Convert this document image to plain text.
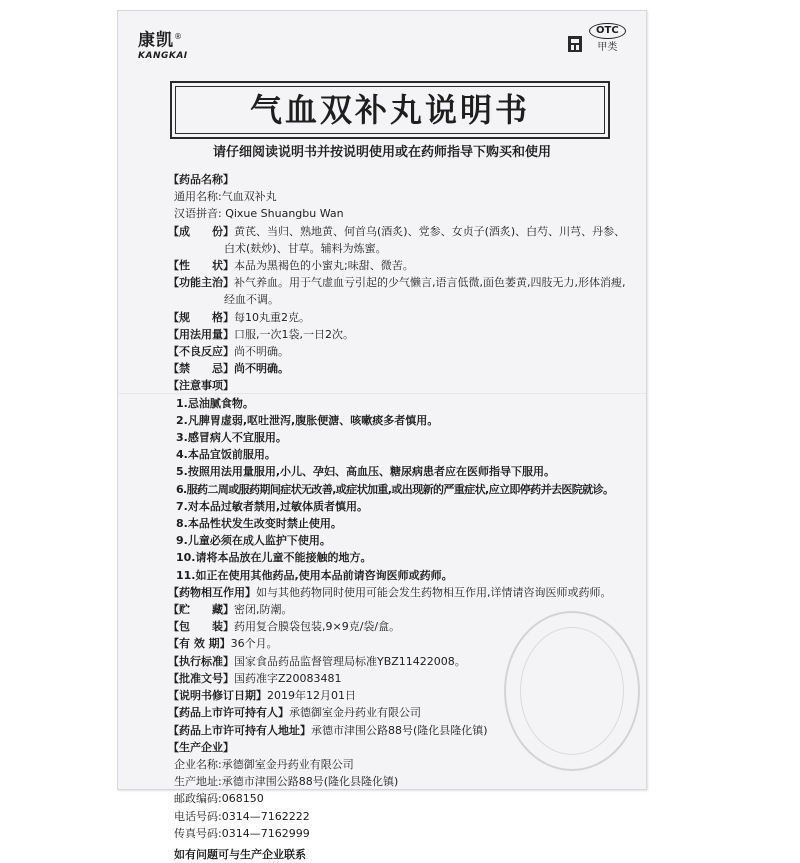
康凯®
KANGKAI
OTC
甲类
气血双补丸说明书
请仔细阅读说明书并按说明使用或在药师指导下购买和使用
【药品名称】
通用名称:气血双补丸
汉语拼音: Qixue Shuangbu Wan
【成　　份】黄芪、当归、熟地黄、何首乌(酒炙)、党参、女贞子(酒炙)、白芍、川芎、丹参、白术(麸炒)、甘草。辅料为炼蜜。
【性　　状】本品为黑褐色的小蜜丸;味甜、微苦。
【功能主治】补气养血。用于气虚血亏引起的少气懒言,语言低微,面色萎黄,四肢无力,形体消瘦,经血不调。
【规　　格】每10丸重2克。
【用法用量】口服,一次1袋,一日2次。
【不良反应】尚不明确。
【禁　　忌】尚不明确。
【注意事项】
1.忌油腻食物。
2.凡脾胃虚弱,呕吐泄泻,腹胀便溏、咳嗽痰多者慎用。
3.感冒病人不宜服用。
4.本品宜饭前服用。
5.按照用法用量服用,小儿、孕妇、高血压、糖尿病患者应在医师指导下服用。
6.服药二周或服药期间症状无改善,或症状加重,或出现新的严重症状,应立即停药并去医院就诊。
7.对本品过敏者禁用,过敏体质者慎用。
8.本品性状发生改变时禁止使用。
9.儿童必须在成人监护下使用。
10.请将本品放在儿童不能接触的地方。
11.如正在使用其他药品,使用本品前请咨询医师或药师。
【药物相互作用】如与其他药物同时使用可能会发生药物相互作用,详情请咨询医师或药师。
【贮　　藏】密闭,防潮。
【包　　装】药用复合膜袋包装,9×9克/袋/盒。
【有 效 期】36个月。
【执行标准】国家食品药品监督管理局标准YBZ11422008。
【批准文号】国药准字Z20083481
【说明书修订日期】2019年12月01日
【药品上市许可持有人】承德御室金丹药业有限公司
【药品上市许可持有人地址】承德市津围公路88号(隆化县隆化镇)
【生产企业】
企业名称:承德御室金丹药业有限公司
生产地址:承德市津围公路88号(隆化县隆化镇)
邮政编码:068150
电话号码:0314—7162222
传真号码:0314—7162999
如有问题可与生产企业联系
